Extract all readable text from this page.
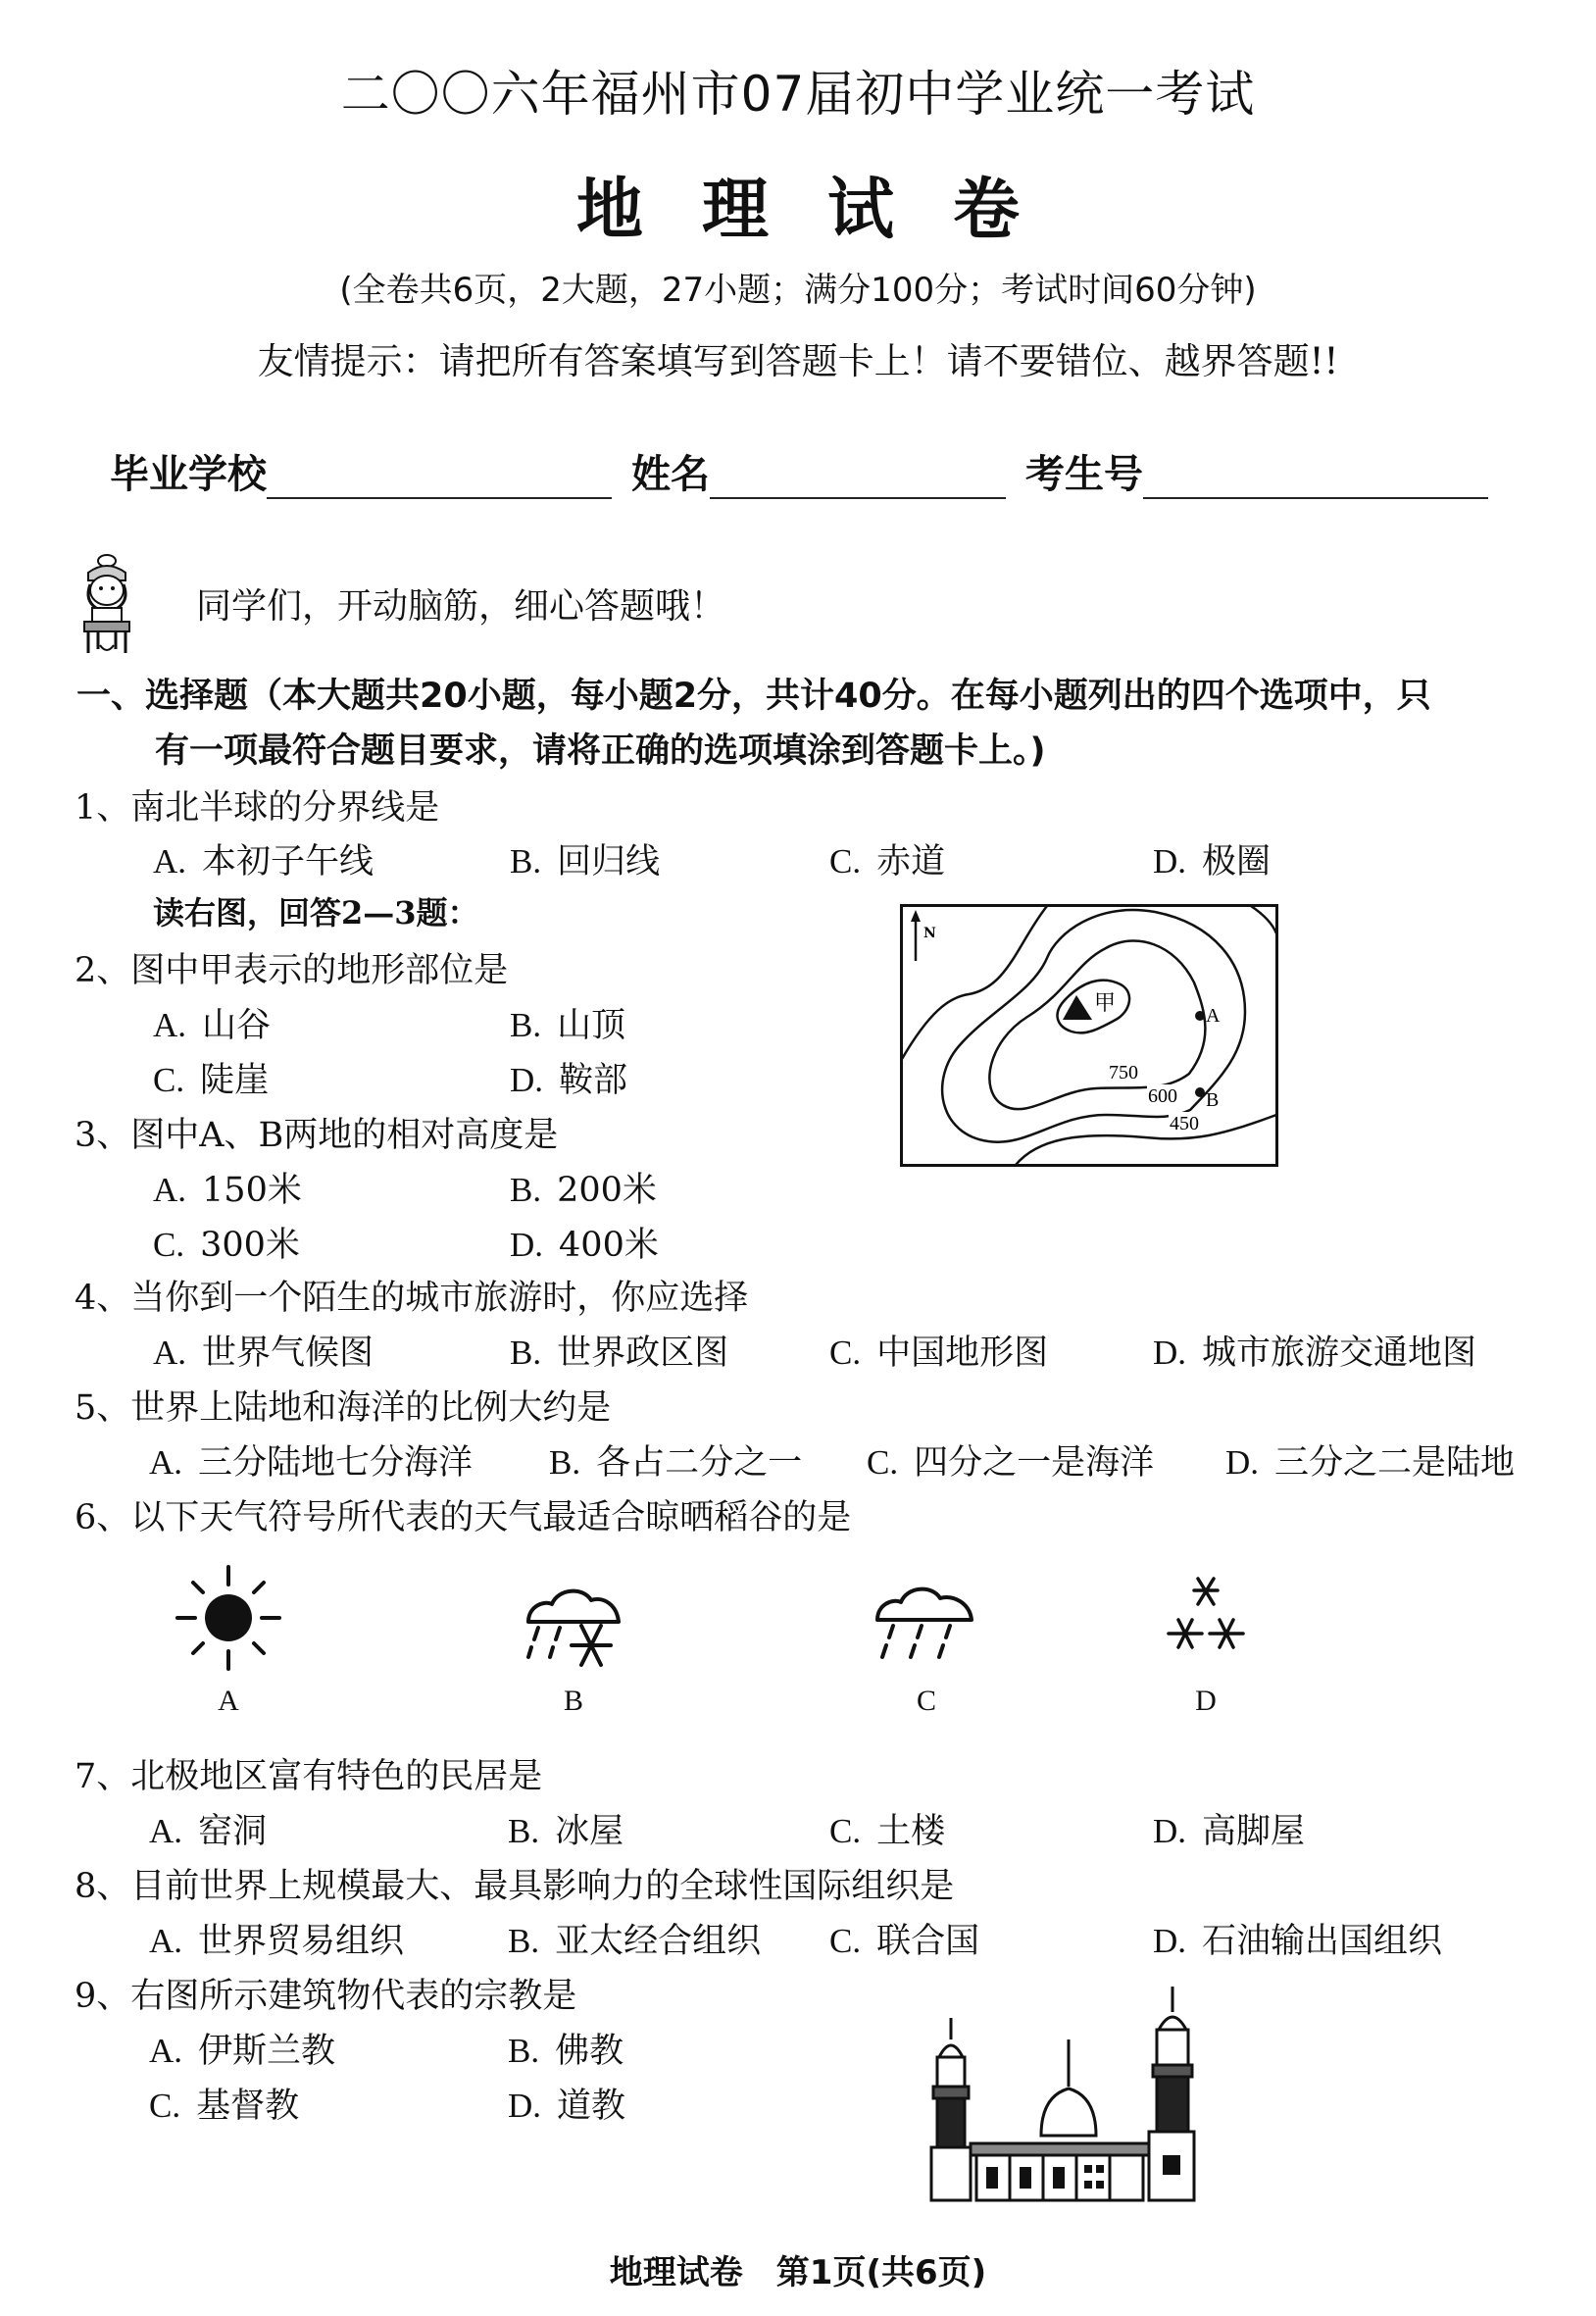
二〇〇六年福州市07届初中学业统一考试
地理试卷
(全卷共6页，2大题，27小题；满分100分；考试时间60分钟)
友情提示：请把所有答案填写到答题卡上！请不要错位、越界答题!!
毕业学校	姓名	考生号
同学们，开动脑筋，细心答题哦！
一、选择题（本大题共20小题，每小题2分，共计40分。在每小题列出的四个选项中，只
有一项最符合题目要求，请将正确的选项填涂到答题卡上。)
1、南北半球的分界线是
A. 本初子午线	B. 回归线	C. 赤道	D. 极圈
读右图，回答2—3题：
2、图中甲表示的地形部位是
A. 山谷	B. 山顶
C. 陡崖	D. 鞍部
3、图中A、B两地的相对高度是
A. 150米	B. 200米
C. 300米	D. 400米
N
甲	A
B
750
600
450
4、当你到一个陌生的城市旅游时，你应选择
A. 世界气候图	B. 世界政区图	C. 中国地形图	D. 城市旅游交通地图
5、世界上陆地和海洋的比例大约是
A. 三分陆地七分海洋 B. 各占二分之一 C. 四分之一是海洋 D. 三分之二是陆地
6、以下天气符号所代表的天气最适合晾晒稻谷的是
A	B	C	D
7、北极地区富有特色的民居是
A. 窑洞	B. 冰屋	C. 土楼	D. 高脚屋
8、目前世界上规模最大、最具影响力的全球性国际组织是
A. 世界贸易组织	B. 亚太经合组织 C. 联合国	D. 石油输出国组织
9、右图所示建筑物代表的宗教是
A. 伊斯兰教	B. 佛教
C. 基督教	D. 道教
地理试卷　第1页(共6页)
